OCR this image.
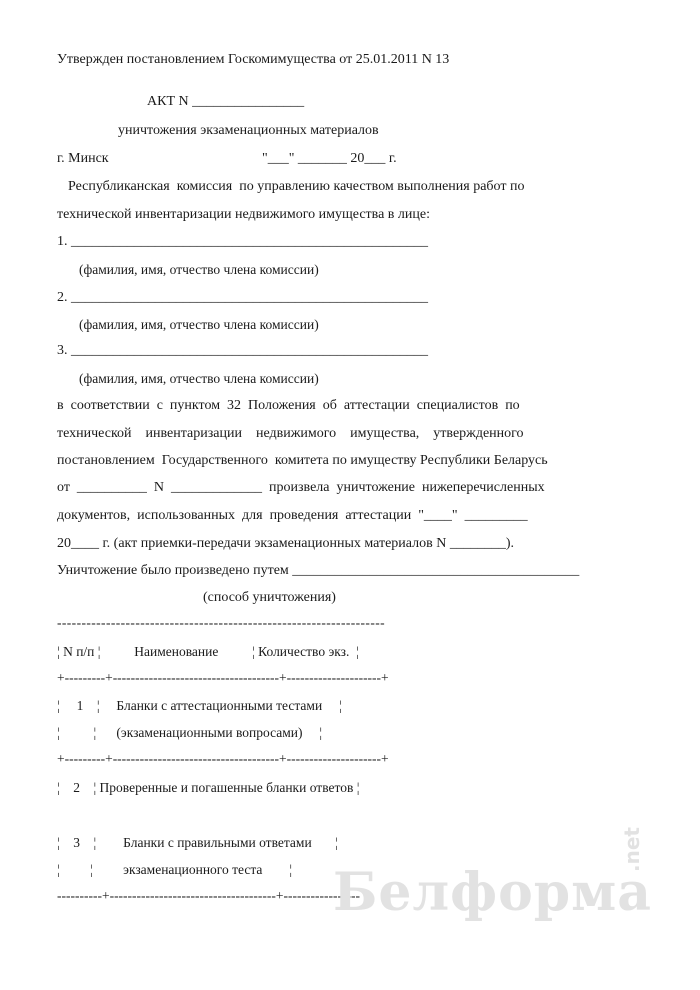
Утвержден постановлением Госкомимущества от 25.01.2011 N 13
АКТ N ________________
уничтожения экзаменационных материалов
г. Минск	"___" _______ 20___ г.
Республиканская  комиссия  по управлению качеством выполнения работ по
технической инвентаризации недвижимого имущества в лице:
1. ___________________________________________________
(фамилия, имя, отчество члена комиссии)
2. ___________________________________________________
(фамилия, имя, отчество члена комиссии)
3. ___________________________________________________
(фамилия, имя, отчество члена комиссии)
в  соответствии  с  пунктом  32  Положения  об  аттестации  специалистов  по
технической    инвентаризации    недвижимого    имущества,    утвержденного
постановлением  Государственного  комитета по имуществу Республики Беларусь
от  __________  N  _____________  произвела  уничтожение  нижеперечисленных
документов,  использованных  для  проведения  аттестации  "____"  _________
20____ г. (акт приемки-передачи экзаменационных материалов N ________).
Уничтожение было произведено путем _________________________________________
(способ уничтожения)
-------------------------------------------------------------------
¦ N п/п ¦          Наименование          ¦ Количество экз.  ¦
+---------+-------------------------------------+---------------------+
¦     1    ¦     Бланки с аттестационными тестами     ¦
¦          ¦      (экзаменационными вопросами)     ¦
+---------+-------------------------------------+---------------------+
¦    2    ¦ Проверенные и погашенные бланки ответов ¦
¦    3    ¦        Бланки с правильными ответами       ¦
¦         ¦         экзаменационного теста        ¦
----------+-------------------------------------+-----------------
Белформа
.net
